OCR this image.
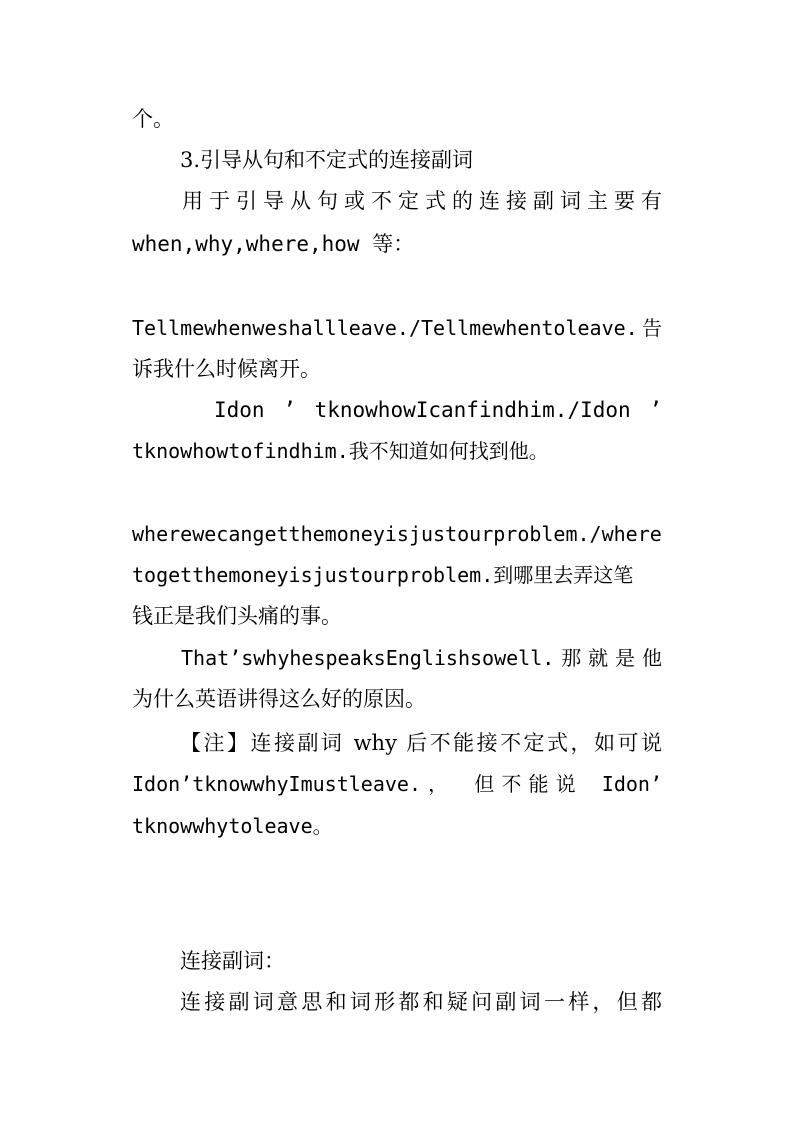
个。
3.引导从句和不定式的连接副词
用于引导从句或不定式的连接副词主要有
when,why,where,how 等：
Tellmewhenweshallleave./Tellmewhentoleave.告
诉我什么时候离开。
Idon ’ tknowhowIcanfindhim./Idon ’
tknowhowtofindhim.我不知道如何找到他。
wherewecangetthemoneyisjustourproblem./where
togetthemoneyisjustourproblem.到哪里去弄这笔
钱正是我们头痛的事。
That’swhyhespeaksEnglishsowell.那就是他
为什么英语讲得这么好的原因。
【注】连接副词 why 后不能接不定式，如可说
Idon’tknowwhyImustleave.， 但不能说 Idon’
tknowwhytoleave。
连接副词：
连接副词意思和词形都和疑问副词一样，但都
